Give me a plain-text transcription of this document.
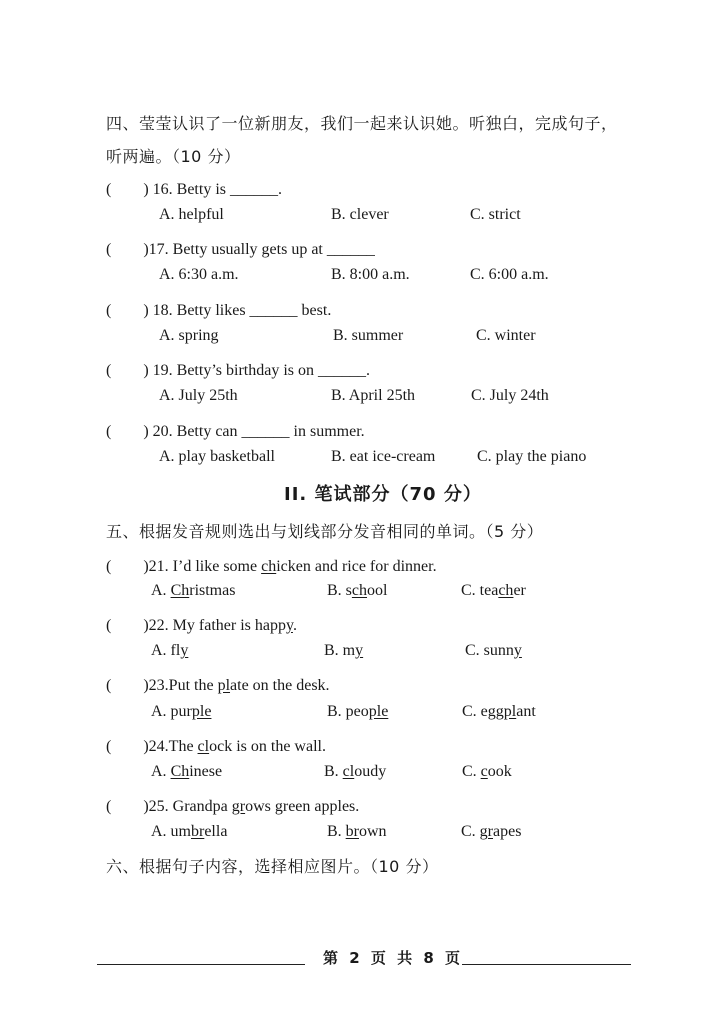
四、莹莹认识了一位新朋友，我们一起来认识她。听独白，完成句子，
听两遍。（10 分）
(　　) 16. Betty is ______.
A. helpful	B. clever	C. strict
(　　)17. Betty usually gets up at ______
A. 6:30 a.m.	B. 8:00 a.m.	C. 6:00 a.m.
(　　) 18. Betty likes ______ best.
A. spring	B. summer	C. winter
(　　) 19. Betty’s birthday is on ______.
A. July 25th	B. April 25th	C. July 24th
(　　) 20. Betty can ______ in summer.
A. play basketball	B. eat ice-cream	C. play the piano
II. 笔试部分（70 分）
五、根据发音规则选出与划线部分发音相同的单词。（5 分）
(　　)21. I’d like some chicken and rice for dinner.
A. Christmas	B. school	C. teacher
(　　)22. My father is happy.
A. fly	B. my	C. sunny
(　　)23.Put the plate on the desk.
A. purple	B. people	C. eggplant
(　　)24.The clock is on the wall.
A. Chinese	B. cloudy	C. cook
(　　)25. Grandpa grows green apples.
A. umbrella	B. brown	C. grapes
六、根据句子内容，选择相应图片。（10 分）
第 2 页 共 8 页
